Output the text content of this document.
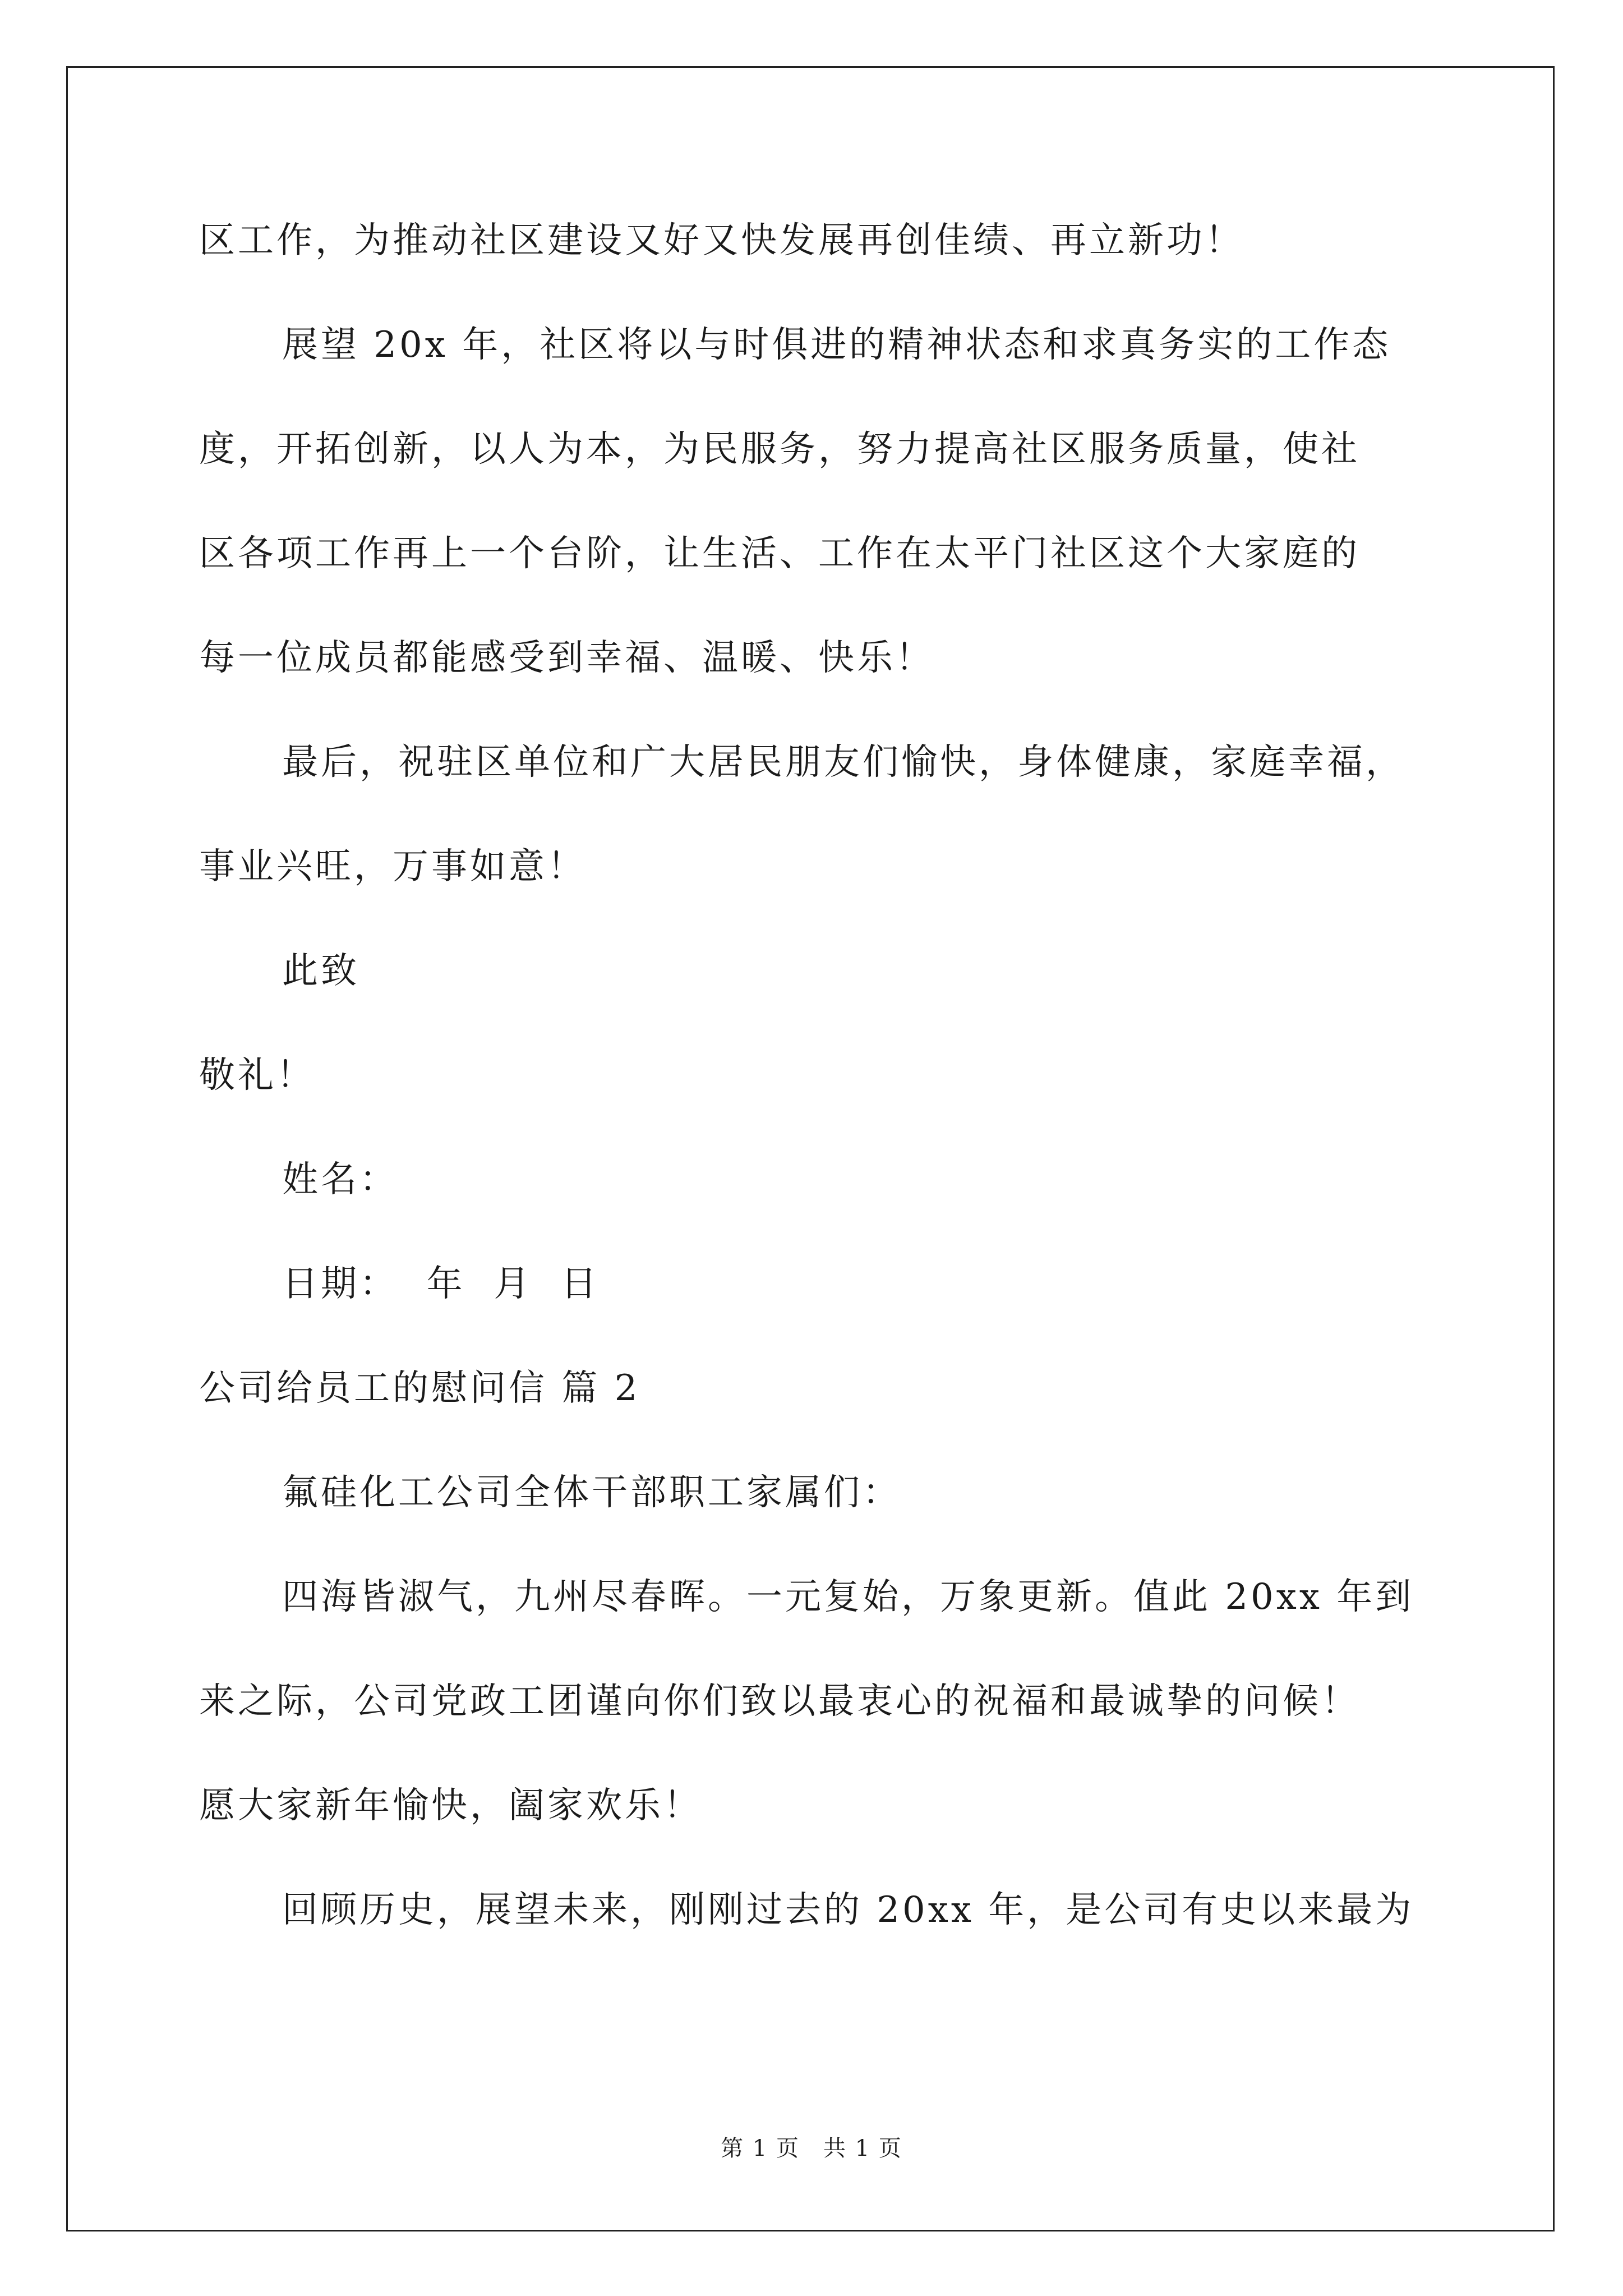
区工作，为推动社区建设又好又快发展再创佳绩、再立新功！
展望 20x 年，社区将以与时俱进的精神状态和求真务实的工作态
度，开拓创新，以人为本，为民服务，努力提高社区服务质量，使社
区各项工作再上一个台阶，让生活、工作在太平门社区这个大家庭的
每一位成员都能感受到幸福、温暖、快乐！
最后，祝驻区单位和广大居民朋友们愉快，身体健康，家庭幸福，
事业兴旺，万事如意！
此致
敬礼！
姓名：
日期：  年  月  日
公司给员工的慰问信 篇 2
氟硅化工公司全体干部职工家属们：
四海皆淑气，九州尽春晖。一元复始，万象更新。值此 20xx 年到
来之际，公司党政工团谨向你们致以最衷心的祝福和最诚挚的问候！
愿大家新年愉快，阖家欢乐！
回顾历史，展望未来，刚刚过去的 20xx 年，是公司有史以来最为
第 1 页　共 1 页
